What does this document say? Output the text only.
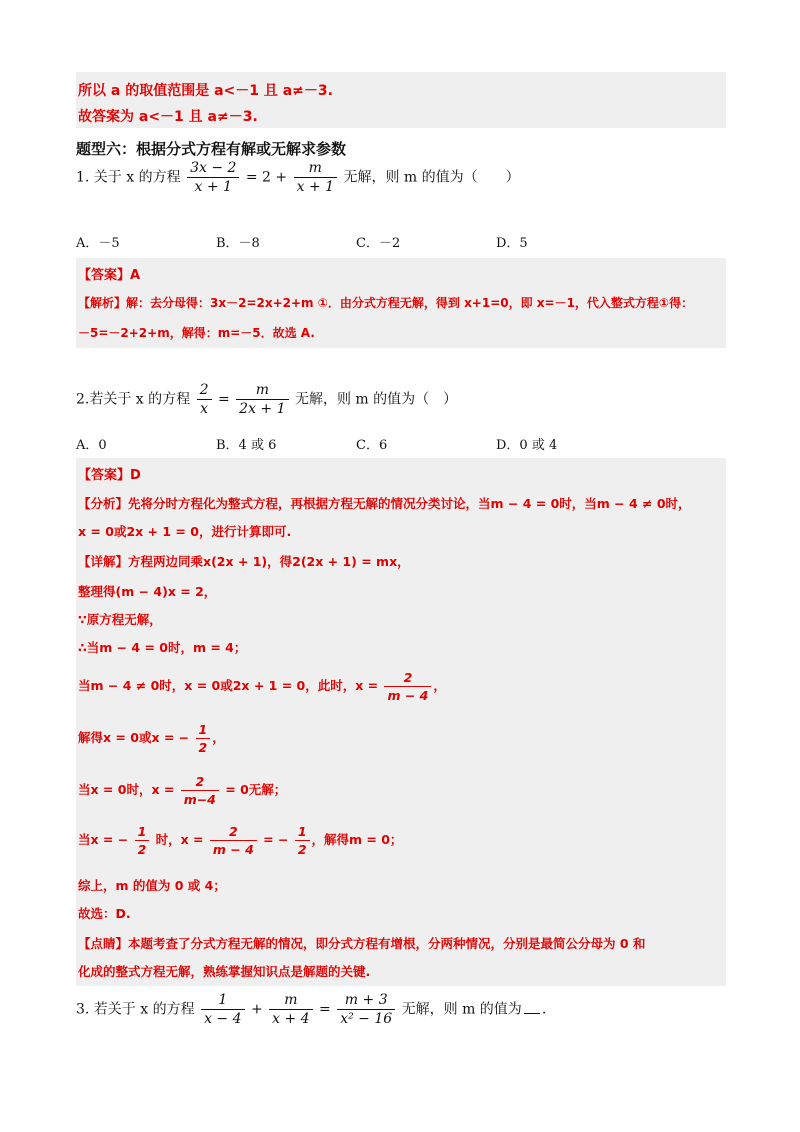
所以 a 的取值范围是 a<－1 且 a≠－3.
故答案为 a<－1 且 a≠－3.
题型六：根据分式方程有解或无解求参数
1. 关于 x 的方程 $\frac{3x - 2}{x + 1} = 2 + \frac{m}{x + 1}$ 无解，则 m 的值为（　　）
A．－5	B．－8	C．－2	D．5
【答案】A
【解析】解：去分母得：3x－2=2x+2+m ①．由分式方程无解，得到 x+1=0，即 x=－1，代入整式方程①得：
－5=－2+2+m，解得：m=－5．故选 A.
2.若关于 x 的方程 $\frac{2}{x} = \frac{m}{2x + 1}$ 无解，则 m 的值为（　）
A．0	B．4 或 6	C．6	D．0 或 4
【答案】D
【分析】先将分时方程化为整式方程，再根据方程无解的情况分类讨论，当m − 4 = 0时，当m − 4 ≠ 0时，
x = 0或2x + 1 = 0，进行计算即可.
【详解】方程两边同乘x(2x + 1)，得2(2x + 1) = mx，
整理得(m − 4)x = 2，
∵原方程无解，
∴当m − 4 = 0时，m = 4；
当m − 4 ≠ 0时，x = 0或2x + 1 = 0，此时，$x = \frac{2}{m - 4}$ ，
解得x = 0或x = − $\frac{1}{2}$ ，
当x = 0时，$x = \frac{2}{m-4} = 0$无解；
当x = − $\frac{1}{2}$ 时，$x = \frac{2}{m - 4}$ = − $\frac{1}{2}$ ，解得m = 0；
综上，m 的值为 0 或 4；
故选：D.
【点睛】本题考查了分式方程无解的情况，即分式方程有增根，分两种情况，分别是最简公分母为 0 和
化成的整式方程无解，熟练掌握知识点是解题的关键.
3. 若关于 x 的方程 $\frac{1}{x - 4} + \frac{m}{x + 4} = \frac{m + 3}{\text{x² − 16}}$ 无解，则 m 的值为 .
